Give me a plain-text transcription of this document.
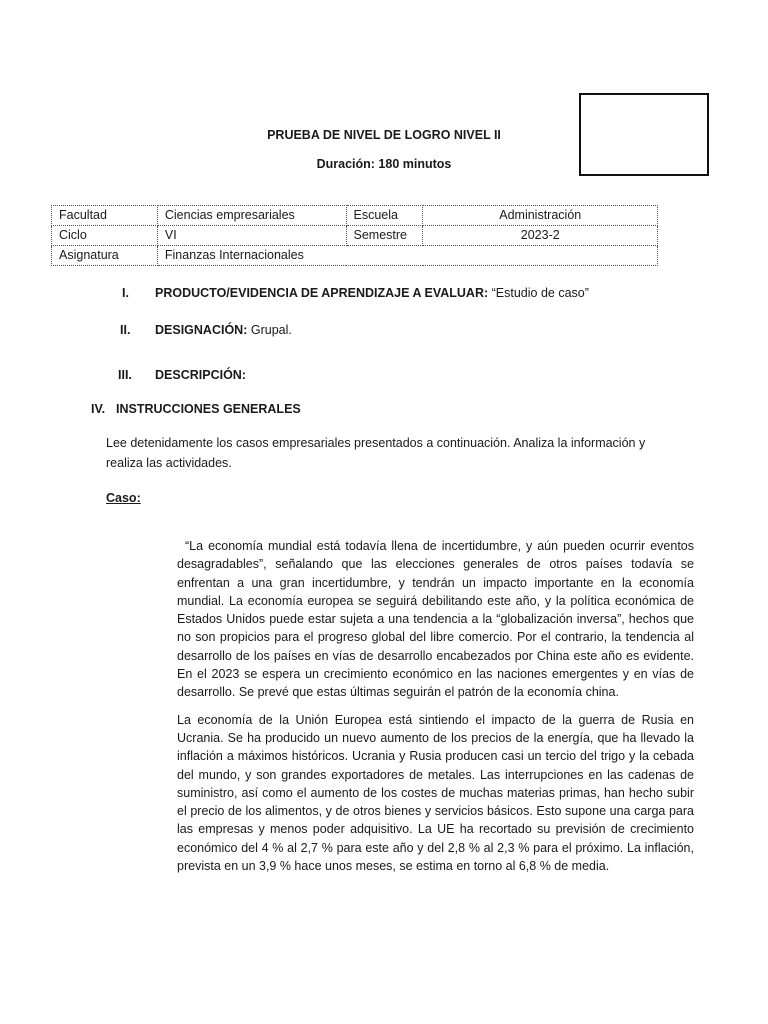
PRUEBA DE NIVEL DE LOGRO NIVEL II
Duración: 180 minutos
Facultad	Ciencias empresariales	Escuela	Administración
Ciclo	VI	Semestre	2023-2
Asignatura	Finanzas Internacionales		
I. PRODUCTO/EVIDENCIA DE APRENDIZAJE A EVALUAR: “Estudio de caso”
II. DESIGNACIÓN: Grupal.
III. DESCRIPCIÓN:
IV. INSTRUCCIONES GENERALES
Lee detenidamente los casos empresariales presentados a continuación. Analiza la información y realiza las actividades.
Caso:

“La economía mundial está todavía llena de incertidumbre, y aún pueden ocurrir eventos desagradables”, señalando que las elecciones generales de otros países todavía se enfrentan a una gran incertidumbre, y tendrán un impacto importante en la economía mundial. La economía europea se seguirá debilitando este año, y la política económica de Estados Unidos puede estar sujeta a una tendencia a la “globalización inversa”, hechos que no son propicios para el progreso global del libre comercio. Por el contrario, la tendencia al desarrollo de los países en vías de desarrollo encabezados por China este año es evidente. En el 2023 se espera un crecimiento económico en las naciones emergentes y en vías de desarrollo. Se prevé que estas últimas seguirán el patrón de la economía china.

La economía de la Unión Europea está sintiendo el impacto de la guerra de Rusia en Ucrania. Se ha producido un nuevo aumento de los precios de la energía, que ha llevado la inflación a máximos históricos. Ucrania y Rusia producen casi un tercio del trigo y la cebada del mundo, y son grandes exportadores de metales. Las interrupciones en las cadenas de suministro, así como el aumento de los costes de muchas materias primas, han hecho subir el precio de los alimentos, y de otros bienes y servicios básicos. Esto supone una carga para las empresas y menos poder adquisitivo. La UE ha recortado su previsión de crecimiento económico del 4 % al 2,7 % para este año y del 2,8 % al 2,3 % para el próximo. La inflación, prevista en un 3,9 % hace unos meses, se estima en torno al 6,8 % de media.
